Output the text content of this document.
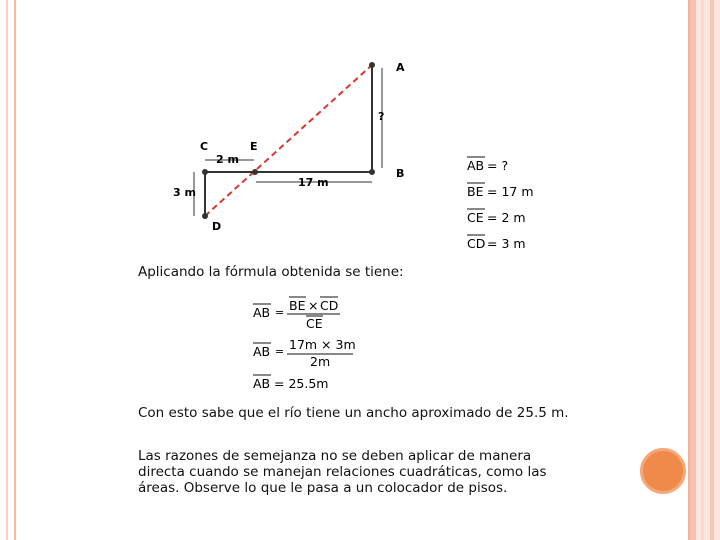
A
B
C
D
E
?
2 m
17 m
3 m
AB = ?
BE = 17 m
CE = 2 m
CD = 3 m
AB = BE × CD
CE
AB = 17m × 3m
2m
AB = 25.5m
Aplicando la fórmula obtenida se tiene:
Con esto sabe que el río tiene un ancho aproximado de 25.5 m.
Las razones de semejanza no se deben aplicar de manera directa cuando se manejan relaciones cuadráticas, como las áreas. Observe lo que le pasa a un colocador de pisos.
